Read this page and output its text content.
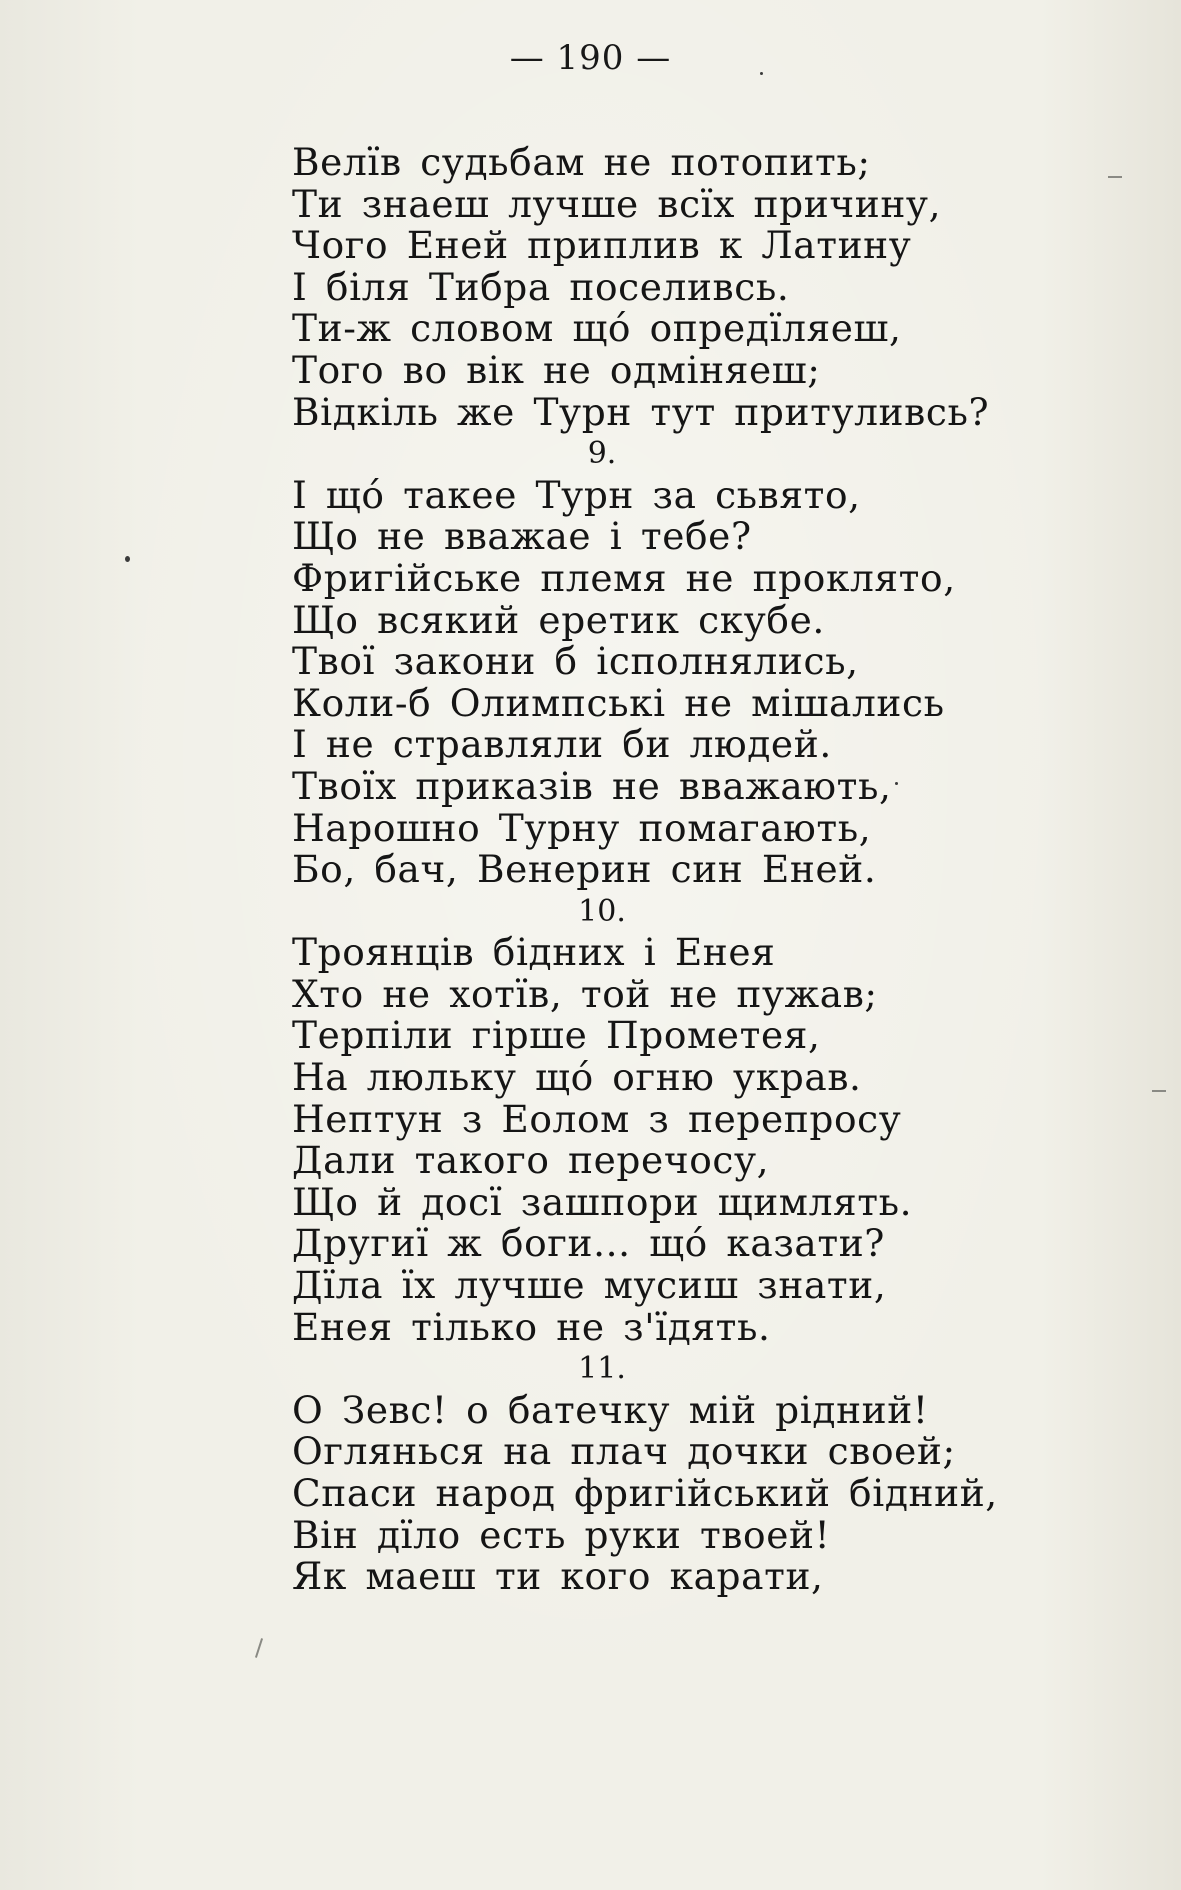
— 190 —
Велїв судьбам не потопить;
Ти знаеш лучше всїх причину,
Чого Еней приплив к Латину
І біля Тибра поселивсь.
Ти-ж словом щó опредїляеш,
Того во вік не одміняеш;
Відкіль же Турн тут притуливсь?
9.
І щó такее Турн за сьвято,
Що не вважае і тебе?
Фригійське племя не проклято,
Що всякий еретик скубе.
Твої закони б ісполнялись,
Коли-б Олимпські не мішались
І не стравляли би людей.
Твоїх приказів не вважають,
Нарошно Турну помагають,
Бо, бач, Венерин син Еней.
10.
Троянців бідних і Енея
Хто не хотїв, той не пужав;
Терпіли гірше Прометея,
На люльку щó огню украв.
Нептун з Еолом з перепросу
Дали такого перечосу,
Що й досї зашпори щимлять.
Другиї ж боги... щó казати?
Дїла їх лучше мусиш знати,
Енея тілько не з'їдять.
11.
О Зевс! о батечку мій рідний!
Оглянься на плач дочки своей;
Спаси народ фригійський бідний,
Він дїло есть руки твоей!
Як маеш ти кого карати,
